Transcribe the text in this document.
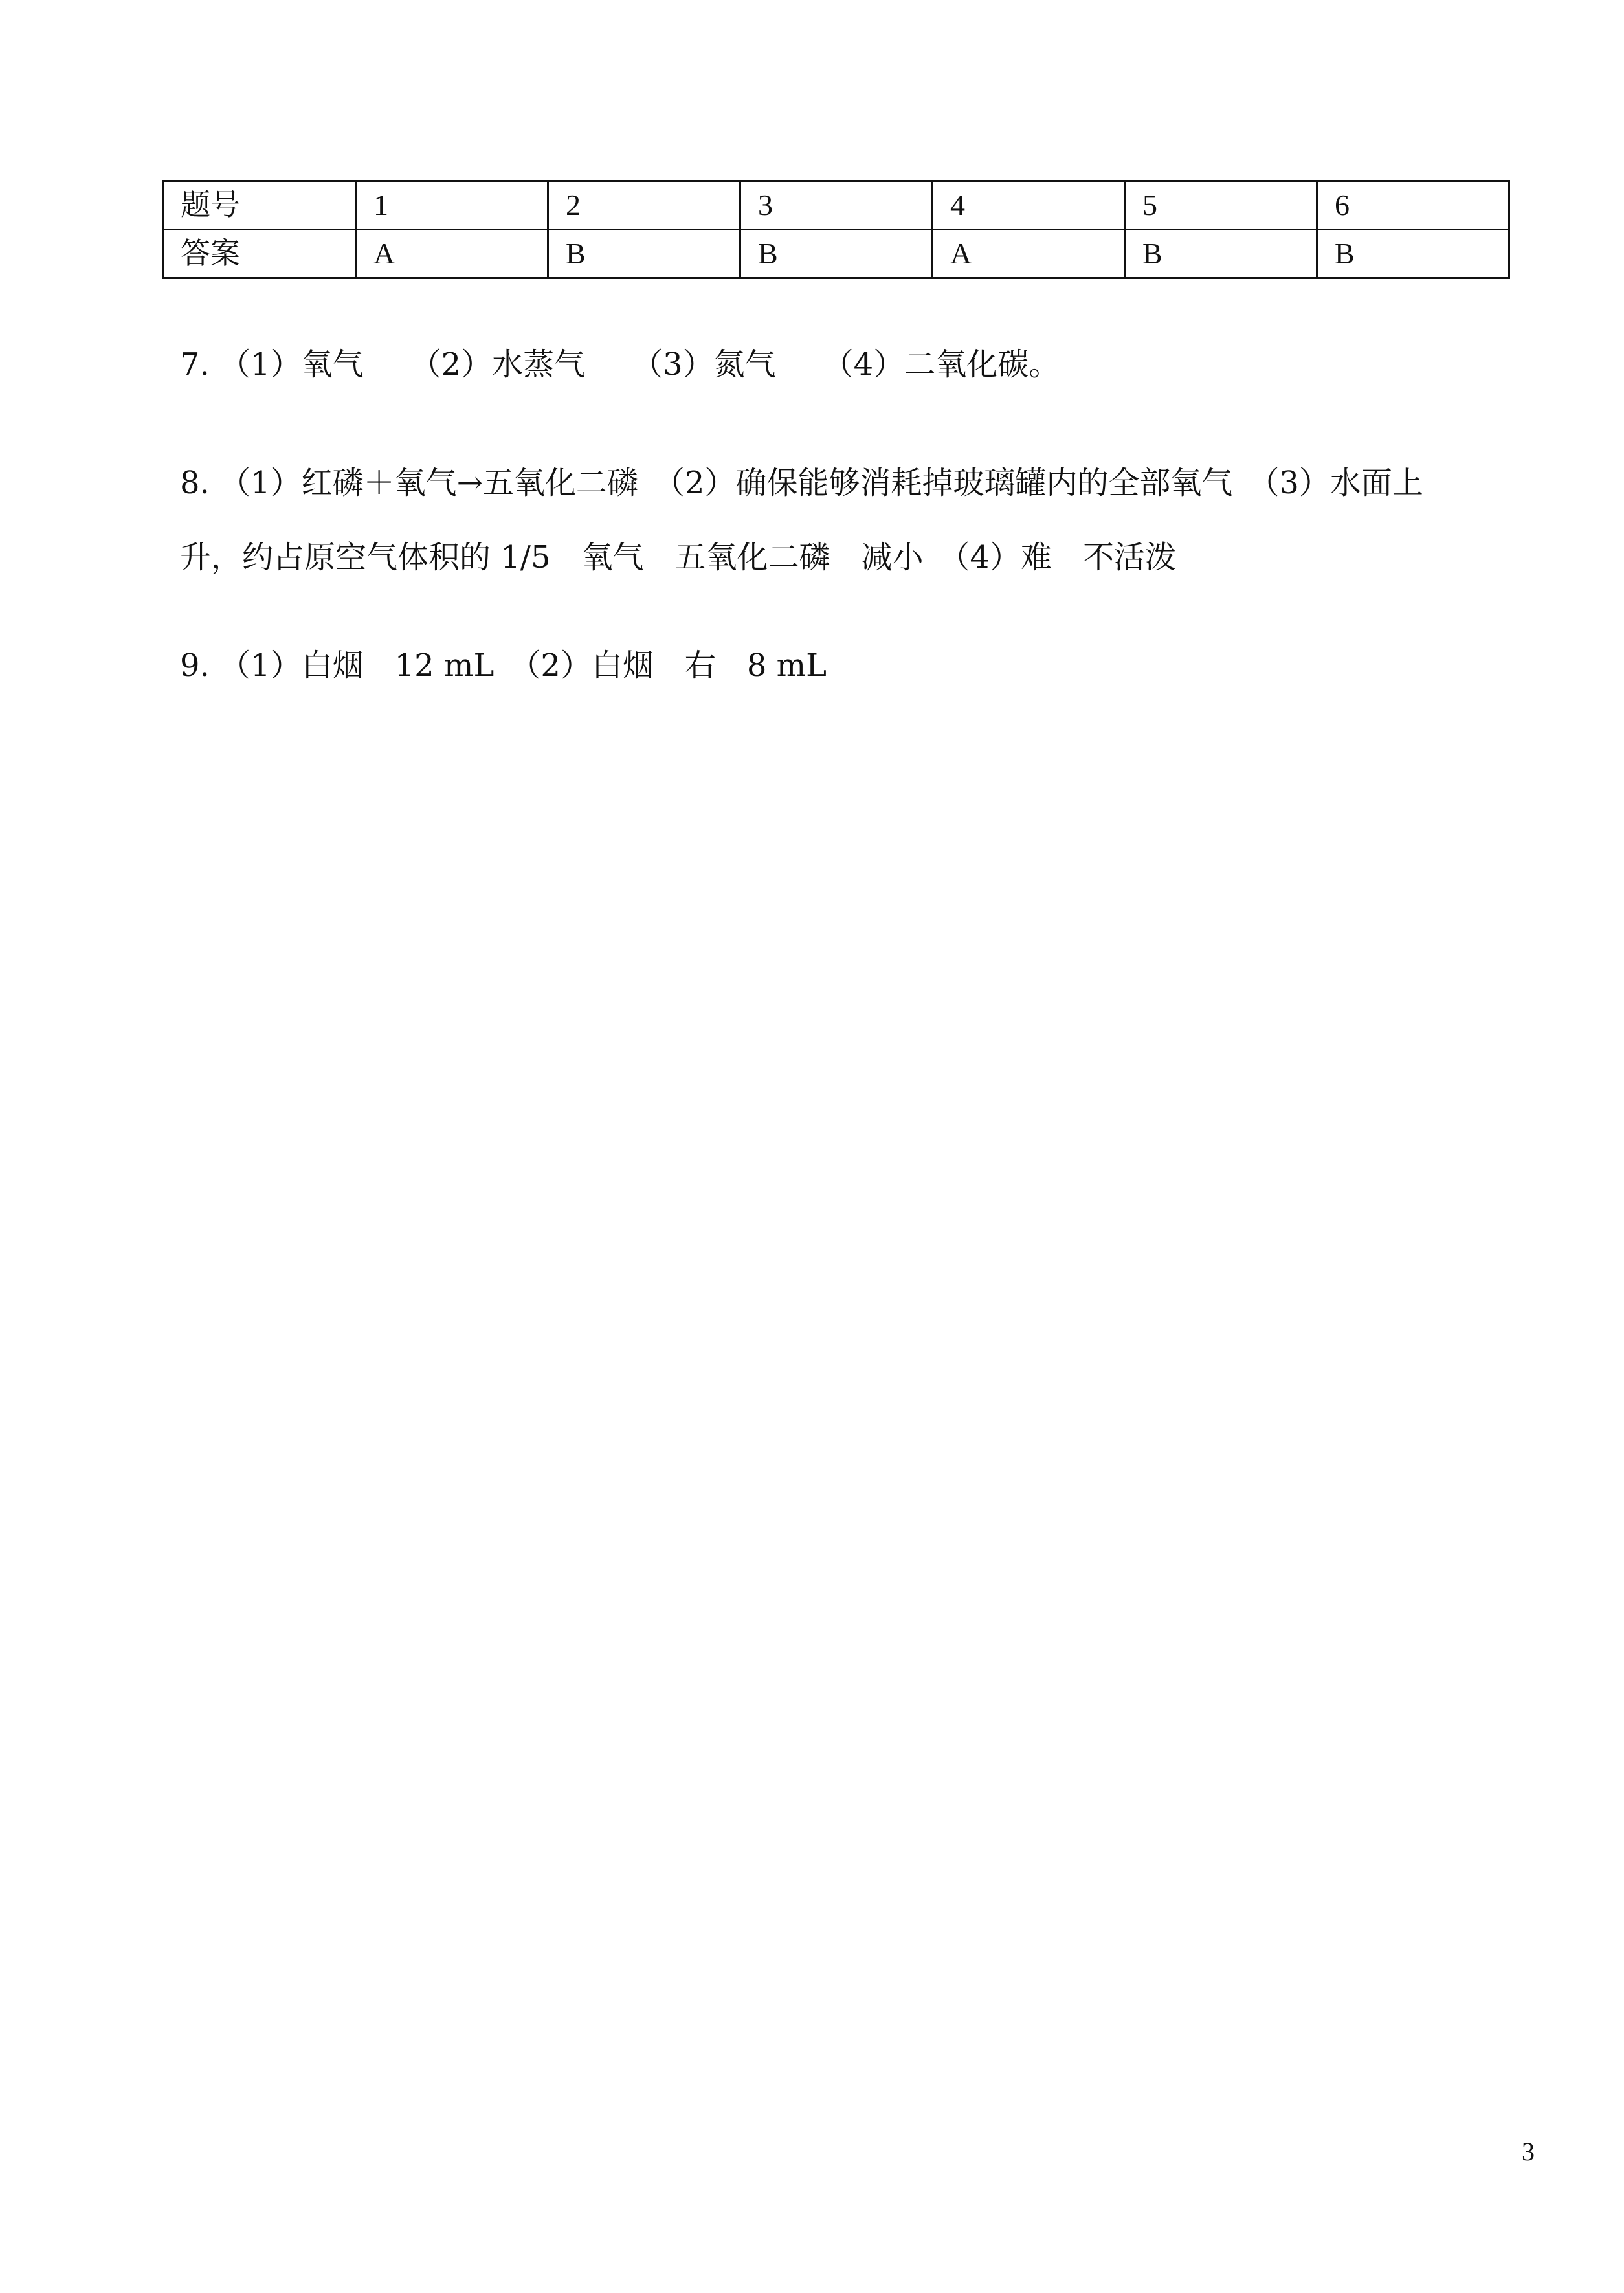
题号	1	2	3	4	5	6
答案	A	B	B	A	B	B
7. （1）氧气　　（2）水蒸气　　（3）氮气　　（4）二氧化碳。
8. （1）红磷＋氧气→五氧化二磷　（2）确保能够消耗掉玻璃罐内的全部氧气　（3）水面上
升，约占原空气体积的 1/5　氧气　五氧化二磷　减小　（4）难　不活泼
9. （1）白烟　12 mL　（2）白烟　右　8 mL
3
